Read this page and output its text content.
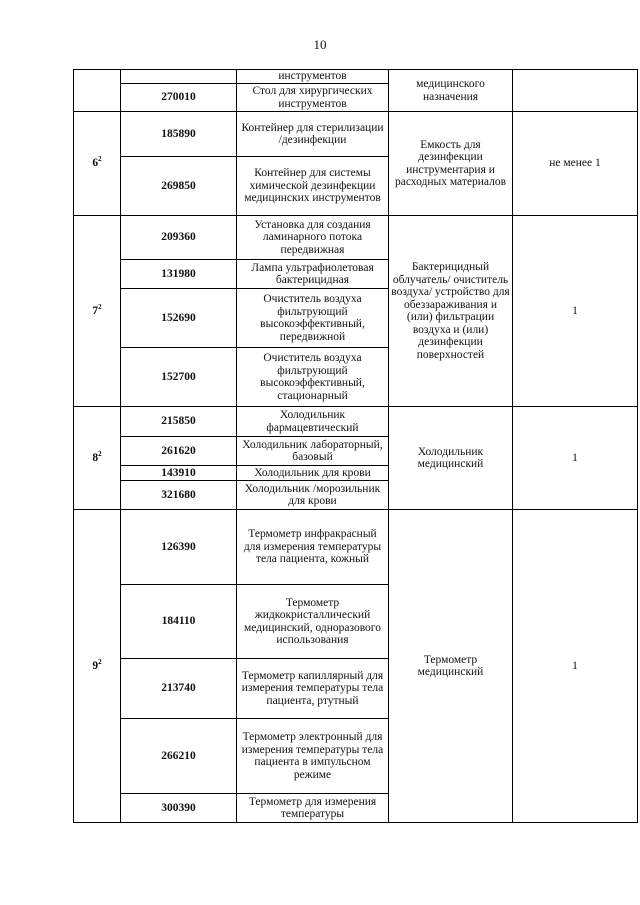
10
		инструментов	медицинского назначения	
	270010	Стол для хирургических инструментов		
$6^2$	185890	Контейнер для стерилизации /дезинфекции	Емкость для дезинфекции инструментария и расходных материалов	не менее 1
	269850	Контейнер для системы химической дезинфекции медицинских инструментов		
$7^2$	209360	Установка для создания ламинарного потока передвижная	Бактерицидный облучатель/ очиститель воздуха/ устройство для обеззараживания и (или) фильтрации воздуха и (или) дезинфекции поверхностей	1
	131980	Лампа ультрафиолетовая бактерицидная		
	152690	Очиститель воздуха фильтрующий высокоэффективный, передвижной		
	152700	Очиститель воздуха фильтрующий высокоэффективный, стационарный		
$8^2$	215850	Холодильник фармацевтический	Холодильник медицинский	1
	261620	Холодильник лабораторный, базовый		
	143910	Холодильник для крови		
	321680	Холодильник /морозильник для крови		
$9^2$	126390	Термометр инфракрасный для измерения температуры тела пациента, кожный	Термометр медицинский	1
	184110	Термометр жидкокристаллический медицинский, одноразового использования		
	213740	Термометр капиллярный для измерения температуры тела пациента, ртутный		
	266210	Термометр электронный для измерения температуры тела пациента в импульсном режиме		
	300390	Термометр для измерения температуры		
